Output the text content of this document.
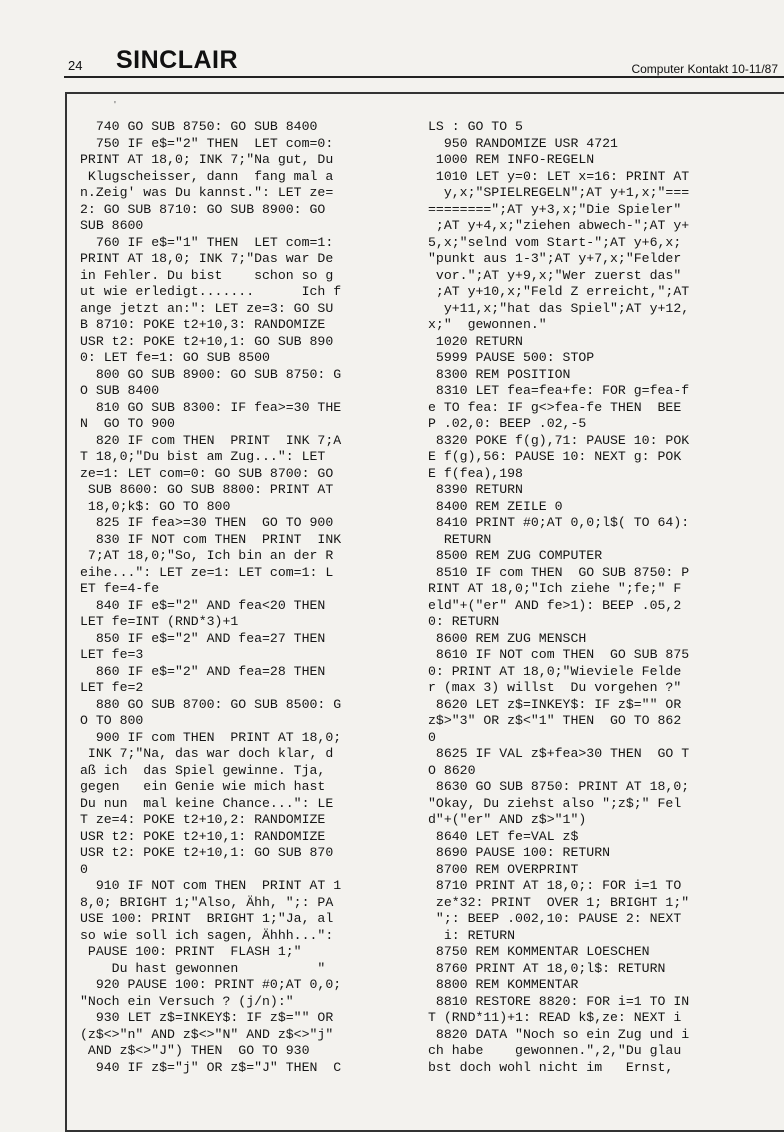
24 SINCLAIR	Computer Kontakt 10-11/87
'
740 GO SUB 8750: GO SUB 8400
750 IF e$="2" THEN  LET com=0:
PRINT AT 18,0; INK 7;"Na gut, Du
Klugscheisser, dann  fang mal a
n.Zeig' was Du kannst.": LET ze=
2: GO SUB 8710: GO SUB 8900: GO
SUB 8600
760 IF e$="1" THEN  LET com=1:
PRINT AT 18,0; INK 7;"Das war De
in Fehler. Du bist    schon so g
ut wie erledigt.......      Ich f
ange jetzt an:": LET ze=3: GO SU
B 8710: POKE t2+10,3: RANDOMIZE
USR t2: POKE t2+10,1: GO SUB 890
0: LET fe=1: GO SUB 8500
800 GO SUB 8900: GO SUB 8750: G
O SUB 8400
810 GO SUB 8300: IF fea>=30 THE
N  GO TO 900
820 IF com THEN  PRINT  INK 7;A
T 18,0;"Du bist am Zug...": LET
ze=1: LET com=0: GO SUB 8700: GO
SUB 8600: GO SUB 8800: PRINT AT
18,0;k$: GO TO 800
825 IF fea>=30 THEN  GO TO 900
830 IF NOT com THEN  PRINT  INK
7;AT 18,0;"So, Ich bin an der R
eihe...": LET ze=1: LET com=1: L
ET fe=4-fe
840 IF e$="2" AND fea<20 THEN
LET fe=INT (RND*3)+1
850 IF e$="2" AND fea=27 THEN
LET fe=3
860 IF e$="2" AND fea=28 THEN
LET fe=2
880 GO SUB 8700: GO SUB 8500: G
O TO 800
900 IF com THEN  PRINT AT 18,0;
INK 7;"Na, das war doch klar, d
aß ich  das Spiel gewinne. Tja,
gegen   ein Genie wie mich hast
Du nun  mal keine Chance...": LE
T ze=4: POKE t2+10,2: RANDOMIZE
USR t2: POKE t2+10,1: RANDOMIZE
USR t2: POKE t2+10,1: GO SUB 870
0
910 IF NOT com THEN  PRINT AT 1
8,0; BRIGHT 1;"Also, Ähh, ";: PA
USE 100: PRINT  BRIGHT 1;"Ja, al
so wie soll ich sagen, Ähhh...":
PAUSE 100: PRINT  FLASH 1;"
Du hast gewonnen          "
920 PAUSE 100: PRINT #0;AT 0,0;
"Noch ein Versuch ? (j/n):"
930 LET z$=INKEY$: IF z$="" OR
(z$<>"n" AND z$<>"N" AND z$<>"j"
AND z$<>"J") THEN  GO TO 930
940 IF z$="j" OR z$="J" THEN  C
LS : GO TO 5
950 RANDOMIZE USR 4721
1000 REM INFO-REGELN
1010 LET y=0: LET x=16: PRINT AT
y,x;"SPIELREGELN";AT y+1,x;"===
========";AT y+3,x;"Die Spieler"
;AT y+4,x;"ziehen abwech-";AT y+
5,x;"selnd vom Start-";AT y+6,x;
"punkt aus 1-3";AT y+7,x;"Felder
vor.";AT y+9,x;"Wer zuerst das"
;AT y+10,x;"Feld Z erreicht,";AT
y+11,x;"hat das Spiel";AT y+12,
x;"  gewonnen."
1020 RETURN
5999 PAUSE 500: STOP
8300 REM POSITION
8310 LET fea=fea+fe: FOR g=fea-f
e TO fea: IF g<>fea-fe THEN  BEE
P .02,0: BEEP .02,-5
8320 POKE f(g),71: PAUSE 10: POK
E f(g),56: PAUSE 10: NEXT g: POK
E f(fea),198
8390 RETURN
8400 REM ZEILE 0
8410 PRINT #0;AT 0,0;l$( TO 64):
RETURN
8500 REM ZUG COMPUTER
8510 IF com THEN  GO SUB 8750: P
RINT AT 18,0;"Ich ziehe ";fe;" F
eld"+("er" AND fe>1): BEEP .05,2
0: RETURN
8600 REM ZUG MENSCH
8610 IF NOT com THEN  GO SUB 875
0: PRINT AT 18,0;"Wieviele Felde
r (max 3) willst  Du vorgehen ?"
8620 LET z$=INKEY$: IF z$="" OR
z$>"3" OR z$<"1" THEN  GO TO 862
0
8625 IF VAL z$+fea>30 THEN  GO T
O 8620
8630 GO SUB 8750: PRINT AT 18,0;
"Okay, Du ziehst also ";z$;" Fel
d"+("er" AND z$>"1")
8640 LET fe=VAL z$
8690 PAUSE 100: RETURN
8700 REM OVERPRINT
8710 PRINT AT 18,0;: FOR i=1 TO
ze*32: PRINT  OVER 1; BRIGHT 1;"
";: BEEP .002,10: PAUSE 2: NEXT
i: RETURN
8750 REM KOMMENTAR LOESCHEN
8760 PRINT AT 18,0;l$: RETURN
8800 REM KOMMENTAR
8810 RESTORE 8820: FOR i=1 TO IN
T (RND*11)+1: READ k$,ze: NEXT i
8820 DATA "Noch so ein Zug und i
ch habe    gewonnen.",2,"Du glau
bst doch wohl nicht im   Ernst,
